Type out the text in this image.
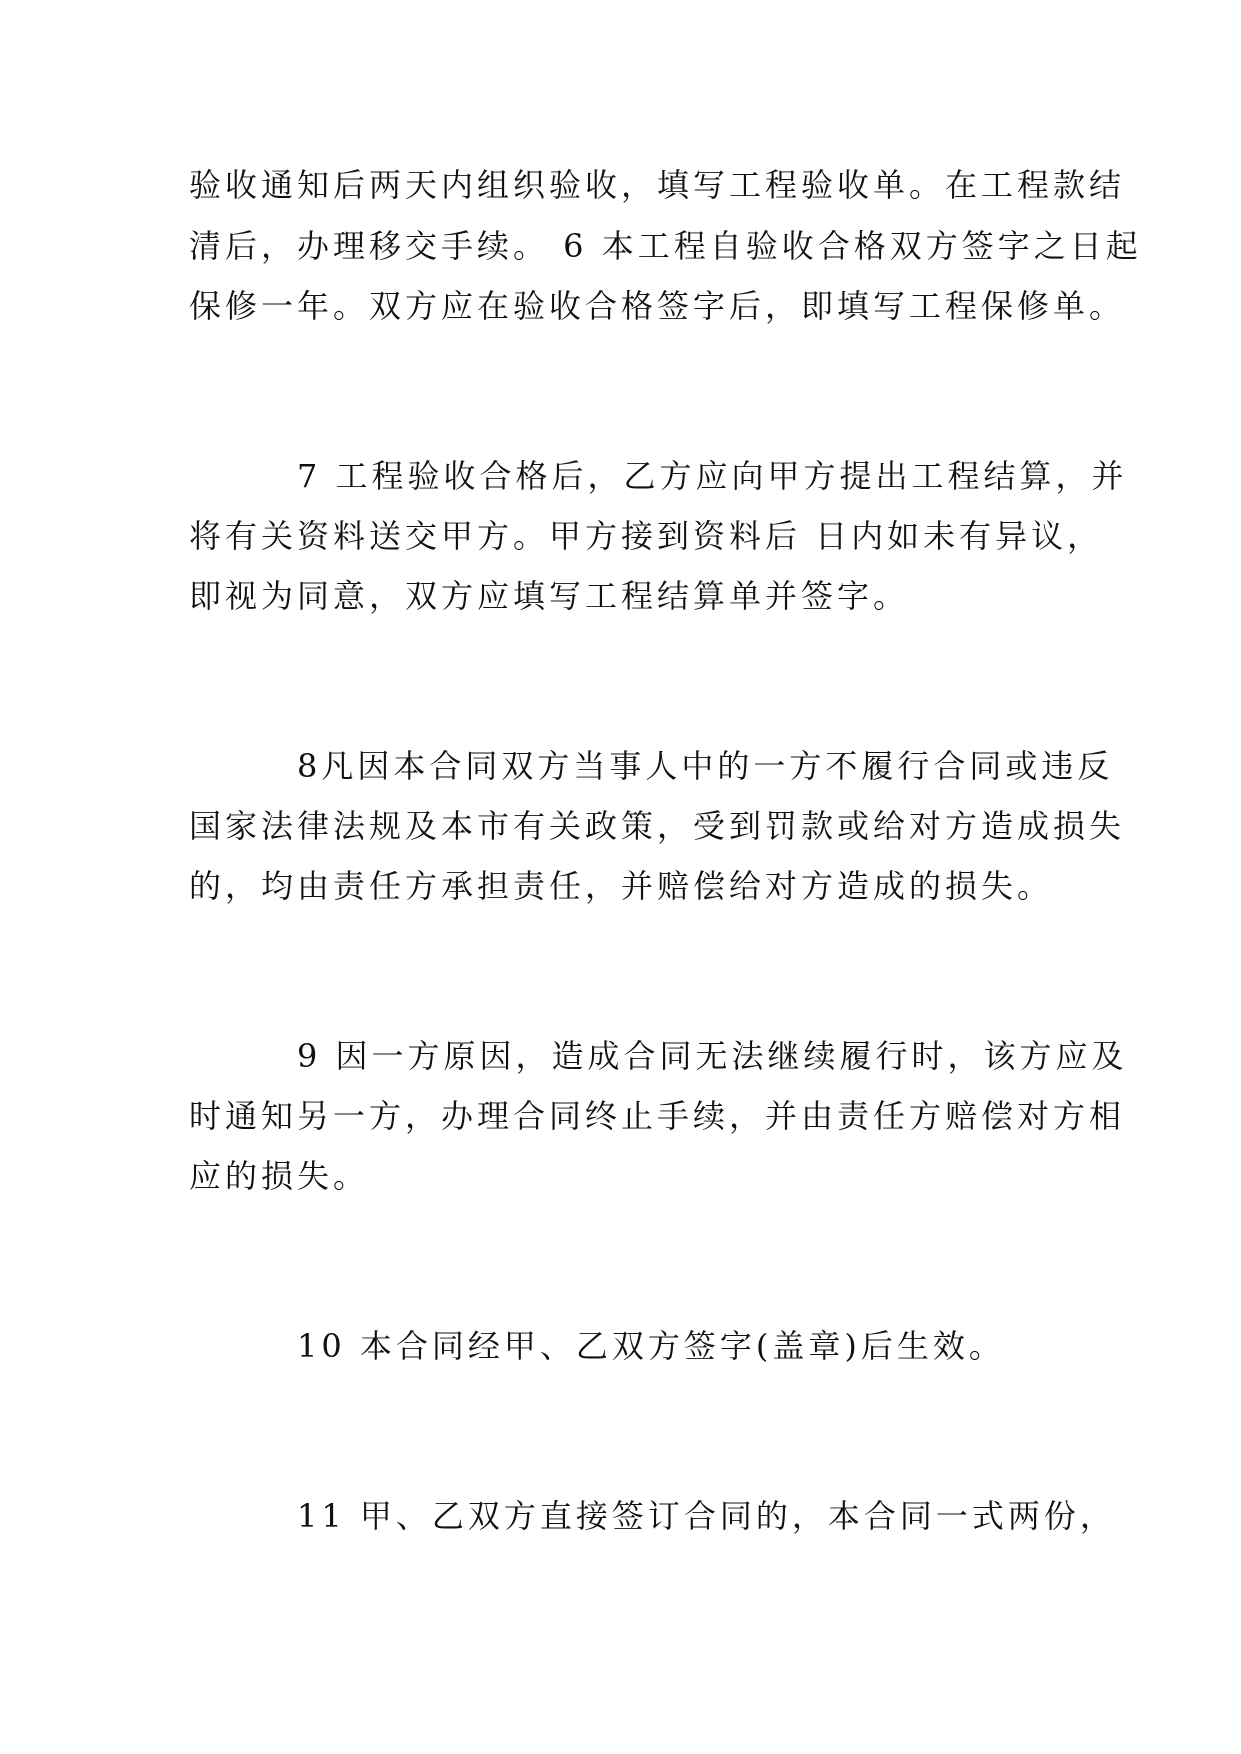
验收通知后两天内组织验收，填写工程验收单。在工程款结
清后，办理移交手续。 6 本工程自验收合格双方签字之日起
保修一年。双方应在验收合格签字后，即填写工程保修单。
7 工程验收合格后，乙方应向甲方提出工程结算，并
将有关资料送交甲方。甲方接到资料后 日内如未有异议，
即视为同意，双方应填写工程结算单并签字。
8凡因本合同双方当事人中的一方不履行合同或违反
国家法律法规及本市有关政策，受到罚款或给对方造成损失
的，均由责任方承担责任，并赔偿给对方造成的损失。
9 因一方原因，造成合同无法继续履行时，该方应及
时通知另一方，办理合同终止手续，并由责任方赔偿对方相
应的损失。
10 本合同经甲、乙双方签字(盖章)后生效。
11 甲、乙双方直接签订合同的，本合同一式两份，
